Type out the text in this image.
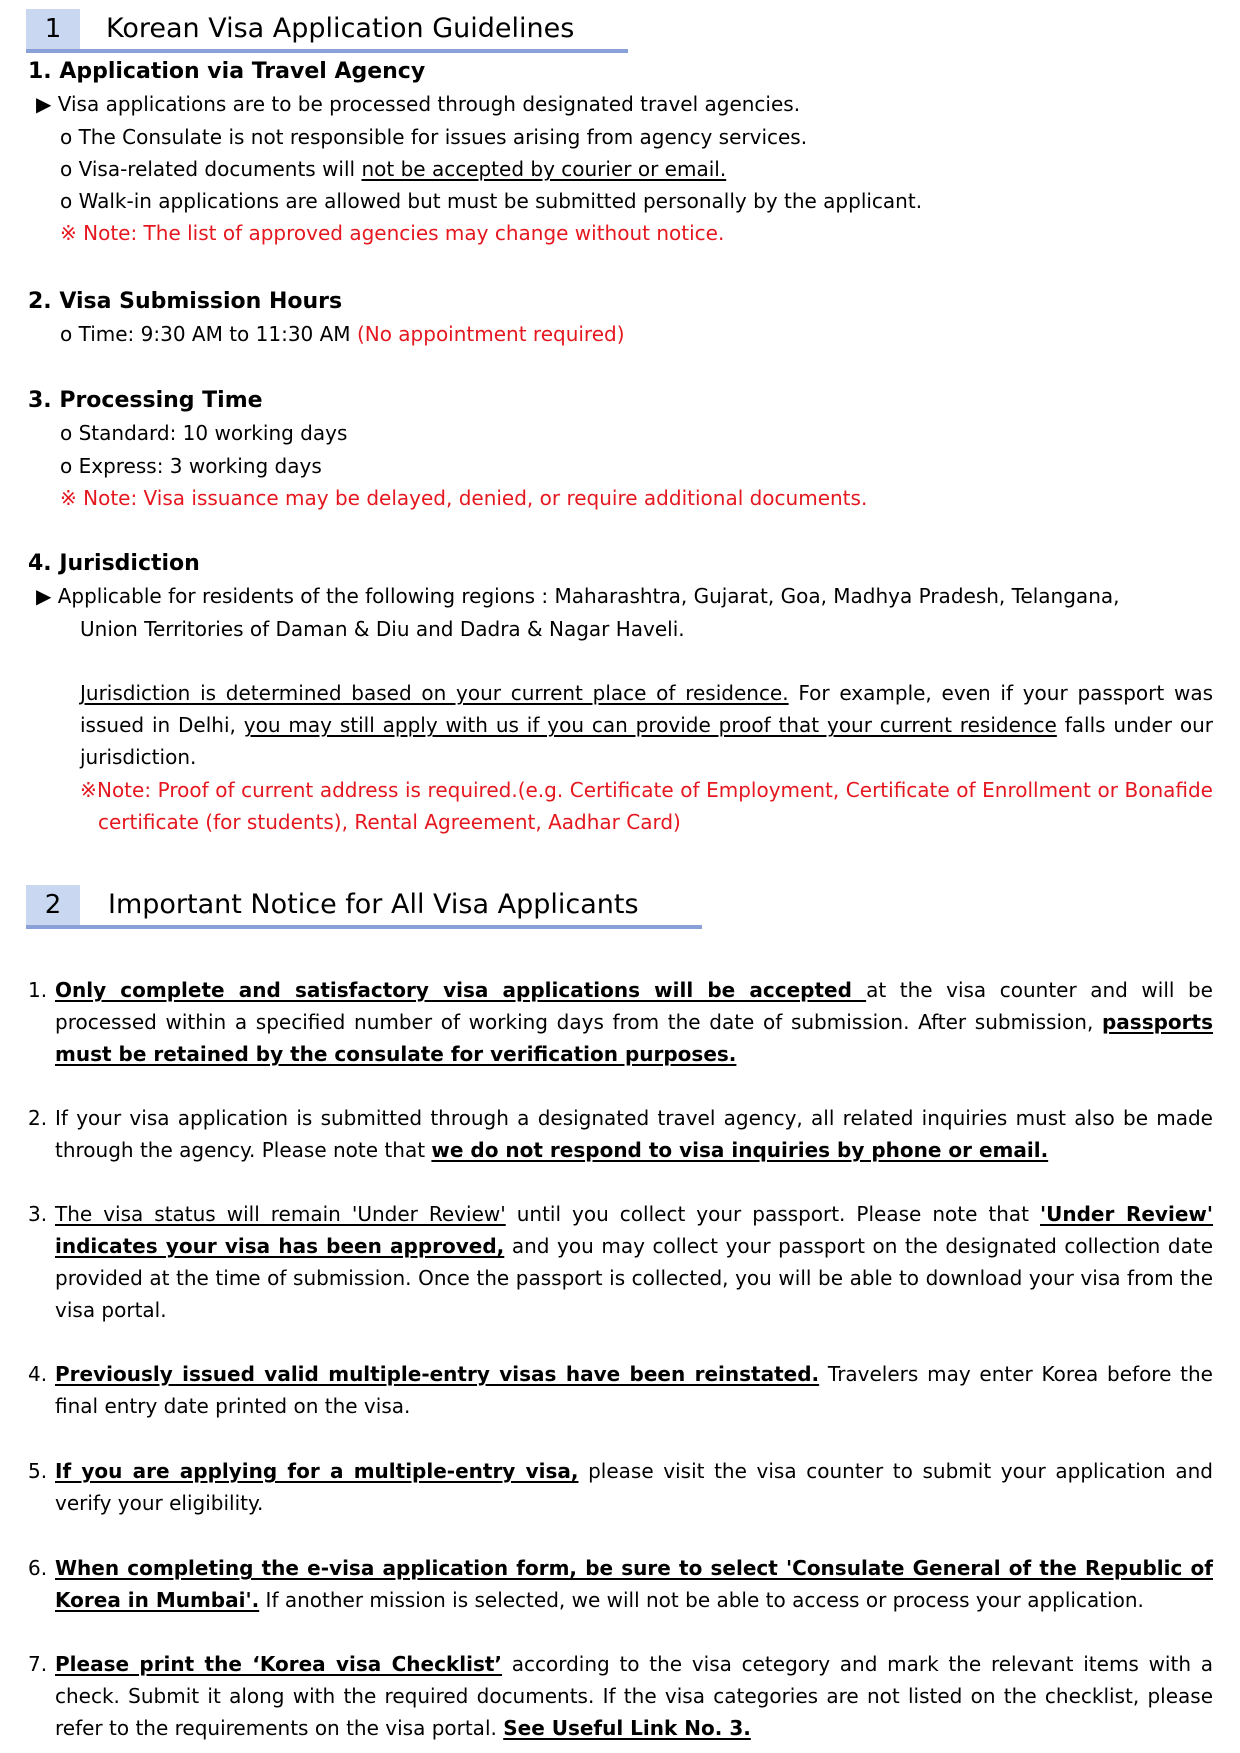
1	Korean Visa Application Guidelines
1. Application via Travel Agency
▶ Visa applications are to be processed through designated travel agencies.
o The Consulate is not responsible for issues arising from agency services.
o Visa-related documents will not be accepted by courier or email.
o Walk-in applications are allowed but must be submitted personally by the applicant.
※ Note: The list of approved agencies may change without notice.
2. Visa Submission Hours
o Time: 9:30 AM to 11:30 AM (No appointment required)
3. Processing Time
o Standard: 10 working days
o Express: 3 working days
※ Note: Visa issuance may be delayed, denied, or require additional documents.
4. Jurisdiction
▶ Applicable for residents of the following regions : Maharashtra, Gujarat, Goa, Madhya Pradesh, Telangana,
Union Territories of Daman & Diu and Dadra & Nagar Haveli.
Jurisdiction is determined based on your current place of residence. For example, even if your passport was issued in Delhi, you may still apply with us if you can provide proof that your current residence falls under our jurisdiction.
※Note: Proof of current address is required.(e.g. Certificate of Employment, Certificate of Enrollment or Bonafide certificate (for students), Rental Agreement, Aadhar Card)
2	Important Notice for All Visa Applicants
1. Only complete and satisfactory visa applications will be accepted at the visa counter and will be processed within a specified number of working days from the date of submission. After submission, passports must be retained by the consulate for verification purposes.
2. If your visa application is submitted through a designated travel agency, all related inquiries must also be made through the agency. Please note that we do not respond to visa inquiries by phone or email.
3. The visa status will remain 'Under Review' until you collect your passport. Please note that 'Under Review' indicates your visa has been approved, and you may collect your passport on the designated collection date provided at the time of submission. Once the passport is collected, you will be able to download your visa from the visa portal.
4. Previously issued valid multiple-entry visas have been reinstated. Travelers may enter Korea before the final entry date printed on the visa.
5. If you are applying for a multiple-entry visa, please visit the visa counter to submit your application and verify your eligibility.
6. When completing the e-visa application form, be sure to select 'Consulate General of the Republic of Korea in Mumbai'. If another mission is selected, we will not be able to access or process your application.
7. Please print the ‘Korea visa Checklist’ according to the visa cetegory and mark the relevant items with a check. Submit it along with the required documents. If the visa categories are not listed on the checklist, please refer to the requirements on the visa portal. See Useful Link No. 3.
